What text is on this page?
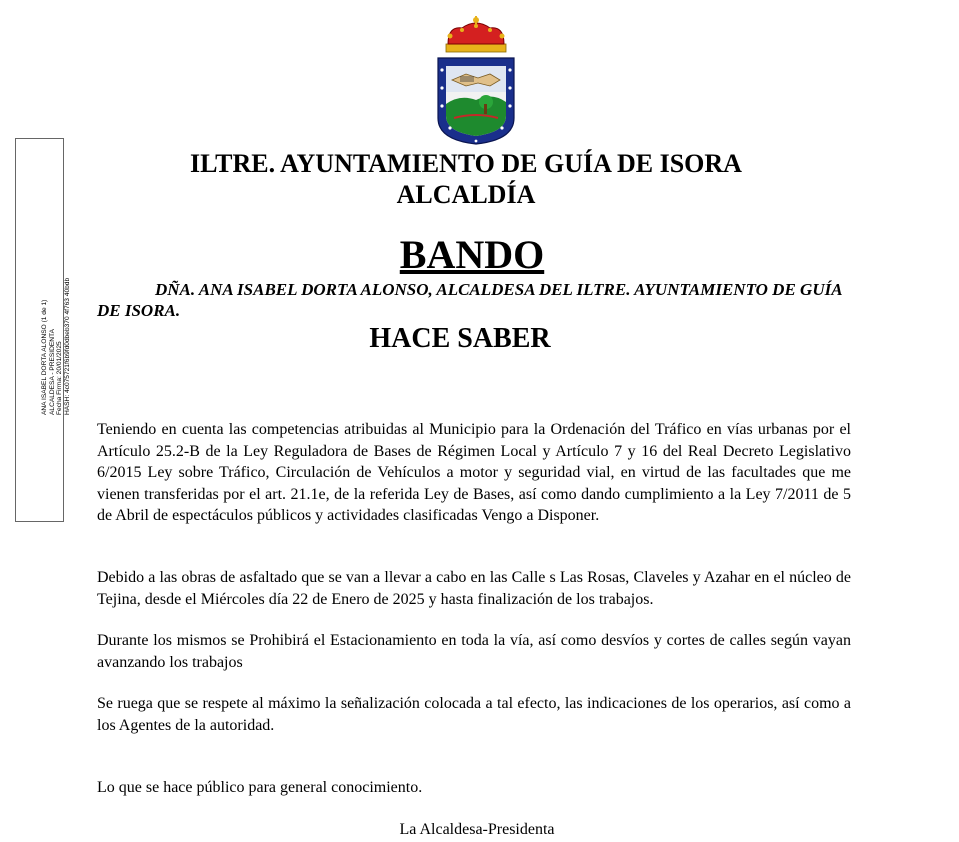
ANA ISABEL DORTA ALONSO (1 de 1) ALCALDESA - PRESIDENTA Fecha Firma: 20/01/2025 HASH: 4c075721f6b9fd0dbeb370 4f763 40bdb
ILTRE. AYUNTAMIENTO DE GUÍA DE ISORA
ALCALDÍA
BANDO
DÑA. ANA ISABEL DORTA ALONSO, ALCALDESA DEL ILTRE. AYUNTAMIENTO DE GUÍA DE ISORA.
HACE SABER

Teniendo en cuenta las competencias atribuidas al Municipio para la Ordenación del Tráfico en vías urbanas por el Artículo 25.2-B de la Ley Reguladora de Bases de Régimen Local y Artículo 7 y 16 del Real Decreto Legislativo 6/2015 Ley sobre Tráfico, Circulación de Vehículos a motor y seguridad vial, en virtud de las facultades que me vienen transferidas por el art. 21.1e, de la referida Ley de Bases, así como dando cumplimiento a la Ley 7/2011 de 5 de Abril de espectáculos públicos y actividades clasificadas Vengo a Disponer.

Debido a las obras de asfaltado que se van a llevar a cabo en las Calle s Las Rosas, Claveles y Azahar en el núcleo de Tejina, desde el Miércoles día 22 de Enero de 2025 y hasta finalización de los trabajos.

Durante los mismos se Prohibirá el Estacionamiento en toda la vía, así como desvíos y cortes de calles según vayan avanzando los trabajos

Se ruega que se respete al máximo la señalización colocada a tal efecto, las indicaciones de los operarios, así como a los Agentes de la autoridad.

Lo que se hace público para general conocimiento.

La Alcaldesa-Presidenta
